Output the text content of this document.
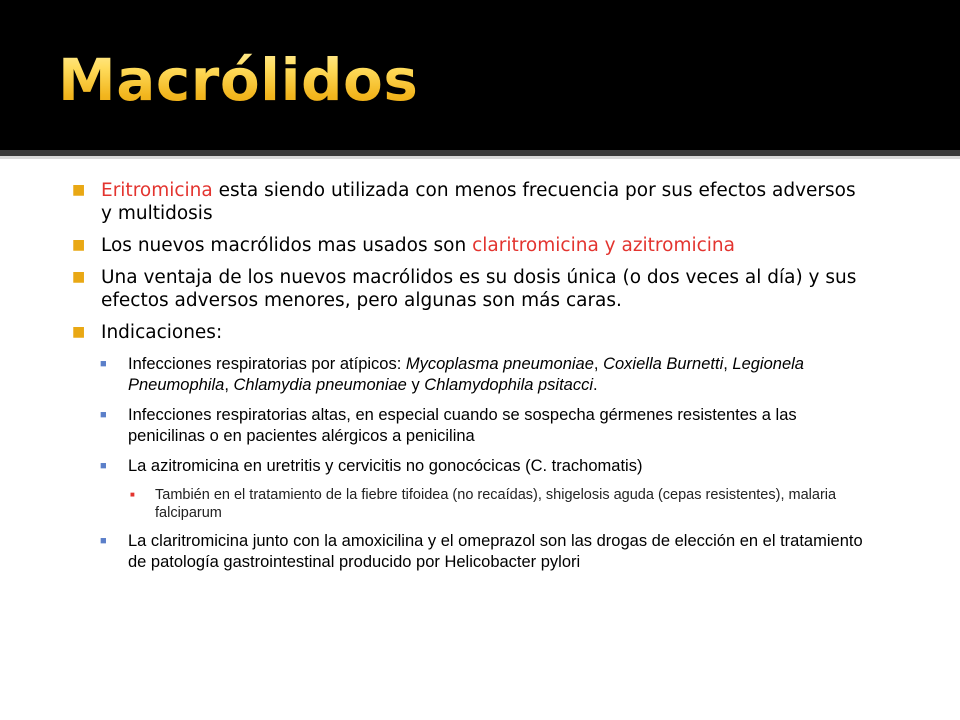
Macrólidos
■ Eritromicina esta siendo utilizada con menos frecuencia por sus efectos adversos y multidosis
■ Los nuevos macrólidos mas usados son claritromicina y azitromicina
■ Una ventaja de los nuevos macrólidos es su dosis única (o dos veces al día) y sus efectos adversos menores, pero algunas son más caras.
■ Indicaciones:
■ Infecciones respiratorias por atípicos: Mycoplasma pneumoniae, Coxiella Burnetti, Legionela Pneumophila, Chlamydia pneumoniae y Chlamydophila psitacci.
■ Infecciones respiratorias altas, en especial cuando se sospecha gérmenes resistentes a las penicilinas o en pacientes alérgicos a penicilina
■ La azitromicina en uretritis y cervicitis no gonocócicas (C. trachomatis)
■ También en el tratamiento de la fiebre tifoidea (no recaídas), shigelosis aguda (cepas resistentes), malaria falciparum
■ La claritromicina junto con la amoxicilina y el omeprazol son las drogas de elección en el tratamiento de patología gastrointestinal producido por Helicobacter pylori
